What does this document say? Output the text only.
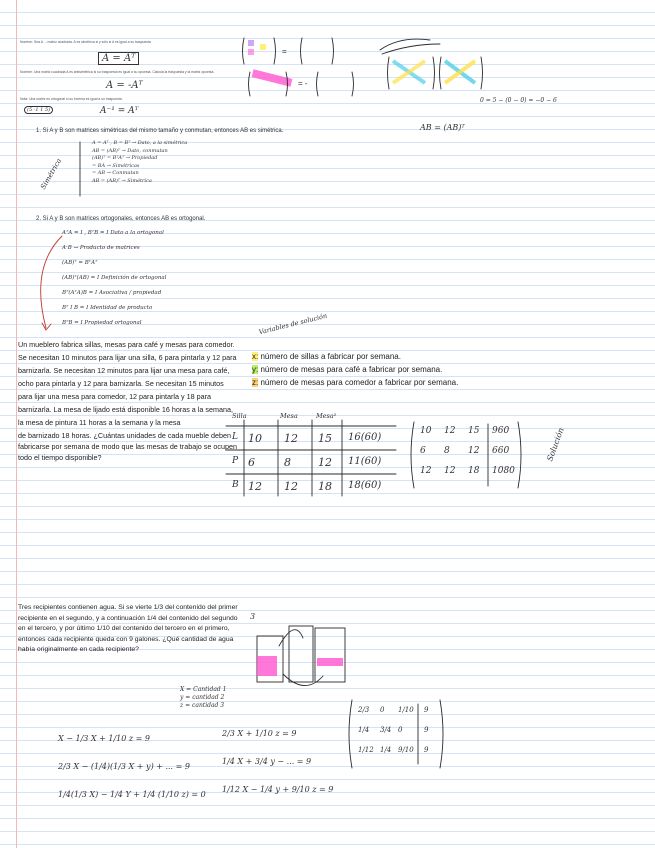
Nombre: Sea A ... matriz cuadrada. A es simétrica si y sólo si A es igual a su traspuesta
A = Aᵀ
Nombre: Una matriz cuadrada A es antisimétrica si su traspuesta es igual a su opuesta. Calcula la traspuesta y la matriz opuesta.
A = -Aᵀ
0 = 5 − (0 − 0) = −0 − 6
Nota: Una matriz es ortogonal si su inversa es igual a su traspuesta.
(5 -1 1 5)	A⁻¹ = Aᵀ
=
= -
1. Si A y B son matrices simétricas del mismo tamaño y conmutan, entonces AB es simétrica.	AB = (AB)ᵀ
A = Aᵀ , B = Bᵀ → Dato, a la simétrica
AB = (AB)ᵀ → Dato, conmutan
(AB)ᵀ = BᵀAᵀ → Propiedad
= BA → Simétricas
= AB → Conmutan
AB = (AB)ᵀ → Simétrica
Simétrica
2. Si A y B son matrices ortogonales, entonces AB es ortogonal.
AᵀA = I , BᵀB = I Dato a la ortogonal
A·B → Producto de matrices
(AB)ᵀ = BᵀAᵀ
(AB)ᵀ(AB) = I Definición de ortogonal
Bᵀ(AᵀA)B = I Asociativa / propiedad
Bᵀ I B = I Identidad de producto
BᵀB = I Propiedad ortogonal
Un mueblero fabrica sillas, mesas para café y mesas para comedor. Se necesitan 10 minutos para lijar una silla, 6 para pintarla y 12 para barnizarla. Se necesitan 12 minutos para lijar una mesa para café, ocho para pintarla y 12 para barnizarla. Se necesitan 15 minutos para lijar una mesa para comedor, 12 para pintarla y 18 para barnizarla. La mesa de lijado está disponible 16 horas a la semana, la mesa de pintura 11 horas a la semana y la mesa
de barnizado 18 horas. ¿Cuántas unidades de cada mueble deben fabricarse por semana de modo que las mesas de trabajo se ocupen todo el tiempo disponible?
Variables de solución
x: número de sillas a fabricar por semana.
y: número de mesas para café a fabricar por semana.
z: número de mesas para comedor a fabricar por semana.
Silla	Mesa	Mesa²
L 10 12 15 16(60)
P 6	8 12 11(60)
B 12 12 18 18(60)
10 12 15 960
6 8 12 660
12 12 18 1080
Solución
Tres recipientes contienen agua. Si se vierte 1/3 del contenido del primer recipiente en el segundo, y a continuación 1/4 del contenido del segundo en el tercero, y por último 1/10 del contenido del tercero en el primero, entonces cada recipiente queda con 9 galones. ¿Qué cantidad de agua había originalmente en cada recipiente?
3
X = Cantidad 1
y = cantidad 2
z = cantidad 3
X − 1/3 X + 1/10 z = 9
2/3 X − (1/4)(1/3 X + y) + ... = 9
1/4(1/3 X) − 1/4 Y + 1/4 (1/10 z) = 0
2/3 X + 1/10 z = 9
1/4 X + 3/4 y − ... = 9
1/12 X − 1/4 y + 9/10 z = 9
2/3 0 1/10 9
1/4 3/4 0	9
1/12 1/4 9/10 9
